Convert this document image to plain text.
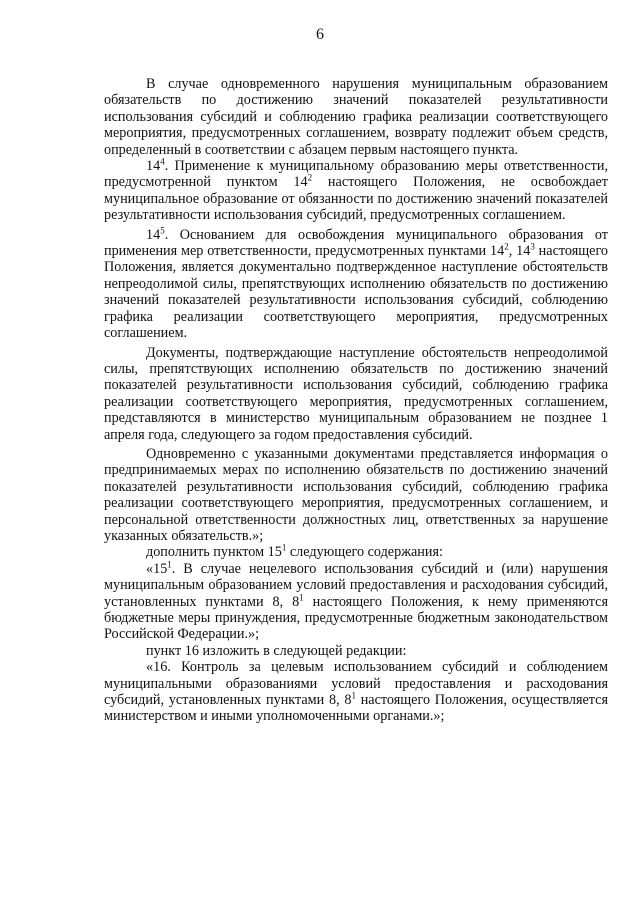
6

В случае одновременного нарушения муниципальным образованием обязательств по достижению значений показателей результативности использования субсидий и соблюдению графика реализации соответствующего мероприятия, предусмотренных соглашением, возврату подлежит объем средств, определенный в соответствии с абзацем первым настоящего пункта.

$14^4$. Применение к муниципальному образованию меры ответственности, предусмотренной пунктом $14^2$ настоящего Положения, не освобождает муниципальное образование от обязанности по достижению значений показателей результативности использования субсидий, предусмотренных соглашением.

$14^5$. Основанием для освобождения муниципального образования от применения мер ответственности, предусмотренных пунктами $14^2$, $14^3$ настоящего Положения, является документально подтвержденное наступление обстоятельств непреодолимой силы, препятствующих исполнению обязательств по достижению значений показателей результативности использования субсидий, соблюдению графика реализации соответствующего мероприятия, предусмотренных соглашением.

Документы, подтверждающие наступление обстоятельств непреодолимой силы, препятствующих исполнению обязательств по достижению значений показателей результативности использования субсидий, соблюдению графика реализации соответствующего мероприятия, предусмотренных соглашением, представляются в министерство муниципальным образованием не позднее 1 апреля года, следующего за годом предоставления субсидий.

Одновременно с указанными документами представляется информация о предпринимаемых мерах по исполнению обязательств по достижению значений показателей результативности использования субсидий, соблюдению графика реализации соответствующего мероприятия, предусмотренных соглашением, и персональной ответственности должностных лиц, ответственных за нарушение указанных обязательств.»;

дополнить пунктом $15^1$ следующего содержания:

«$15^1$. В случае нецелевого использования субсидий и (или) нарушения муниципальным образованием условий предоставления и расходования субсидий, установленных пунктами 8, $8^1$ настоящего Положения, к нему применяются бюджетные меры принуждения, предусмотренные бюджетным законодательством Российской Федерации.»;

пункт 16 изложить в следующей редакции:

«16. Контроль за целевым использованием субсидий и соблюдением муниципальными образованиями условий предоставления и расходования субсидий, установленных пунктами 8, $8^1$ настоящего Положения, осуществляется министерством и иными уполномоченными органами.»;
